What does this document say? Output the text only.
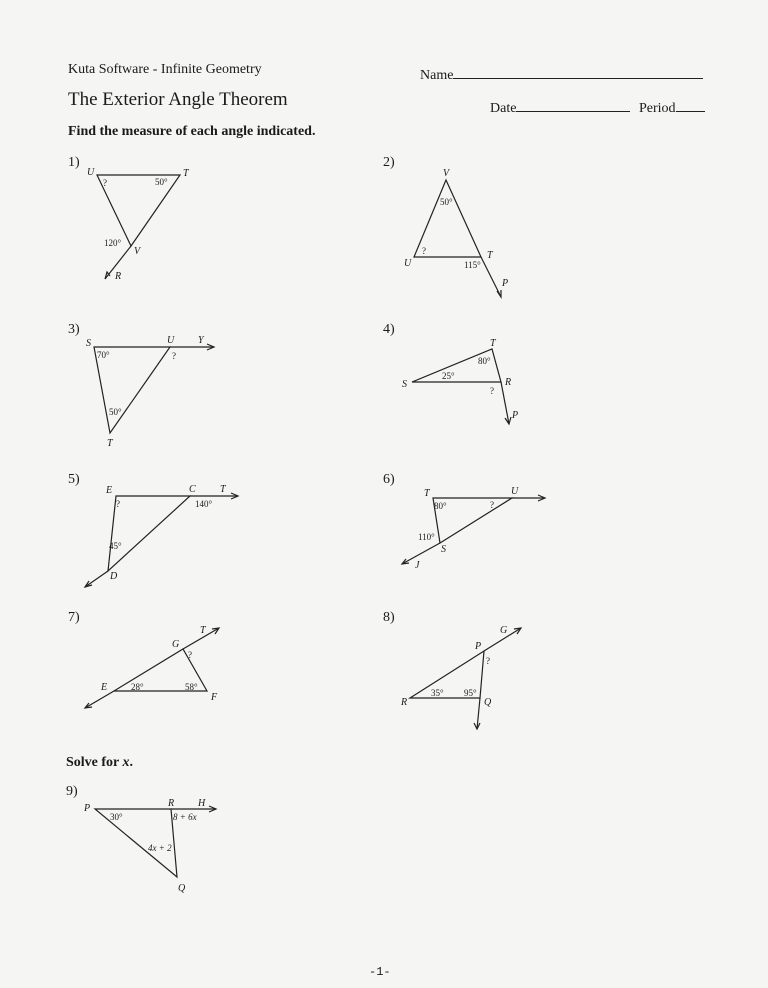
Kuta Software - Infinite Geometry	Name
The Exterior Angle Theorem	Date	Period
Find the measure of each angle indicated.
1)	2)
3)	4)
5)	6)
7)	8)
Solve for x.
9)
U	T
V
R
?	50°
120°
V
U
T
P
50°
?
115°
S	U Y
T
70°	?
50°
T
S	R
P
80°
25°
?
E	C T
D
?	140°
45°
T	U
S
J
80°	?
110°
G
T
E
F
?
28°	58°
G
P
R	Q
?
35° 95°
P	R H
Q
30°	8 + 6x
4x + 2
-1-
